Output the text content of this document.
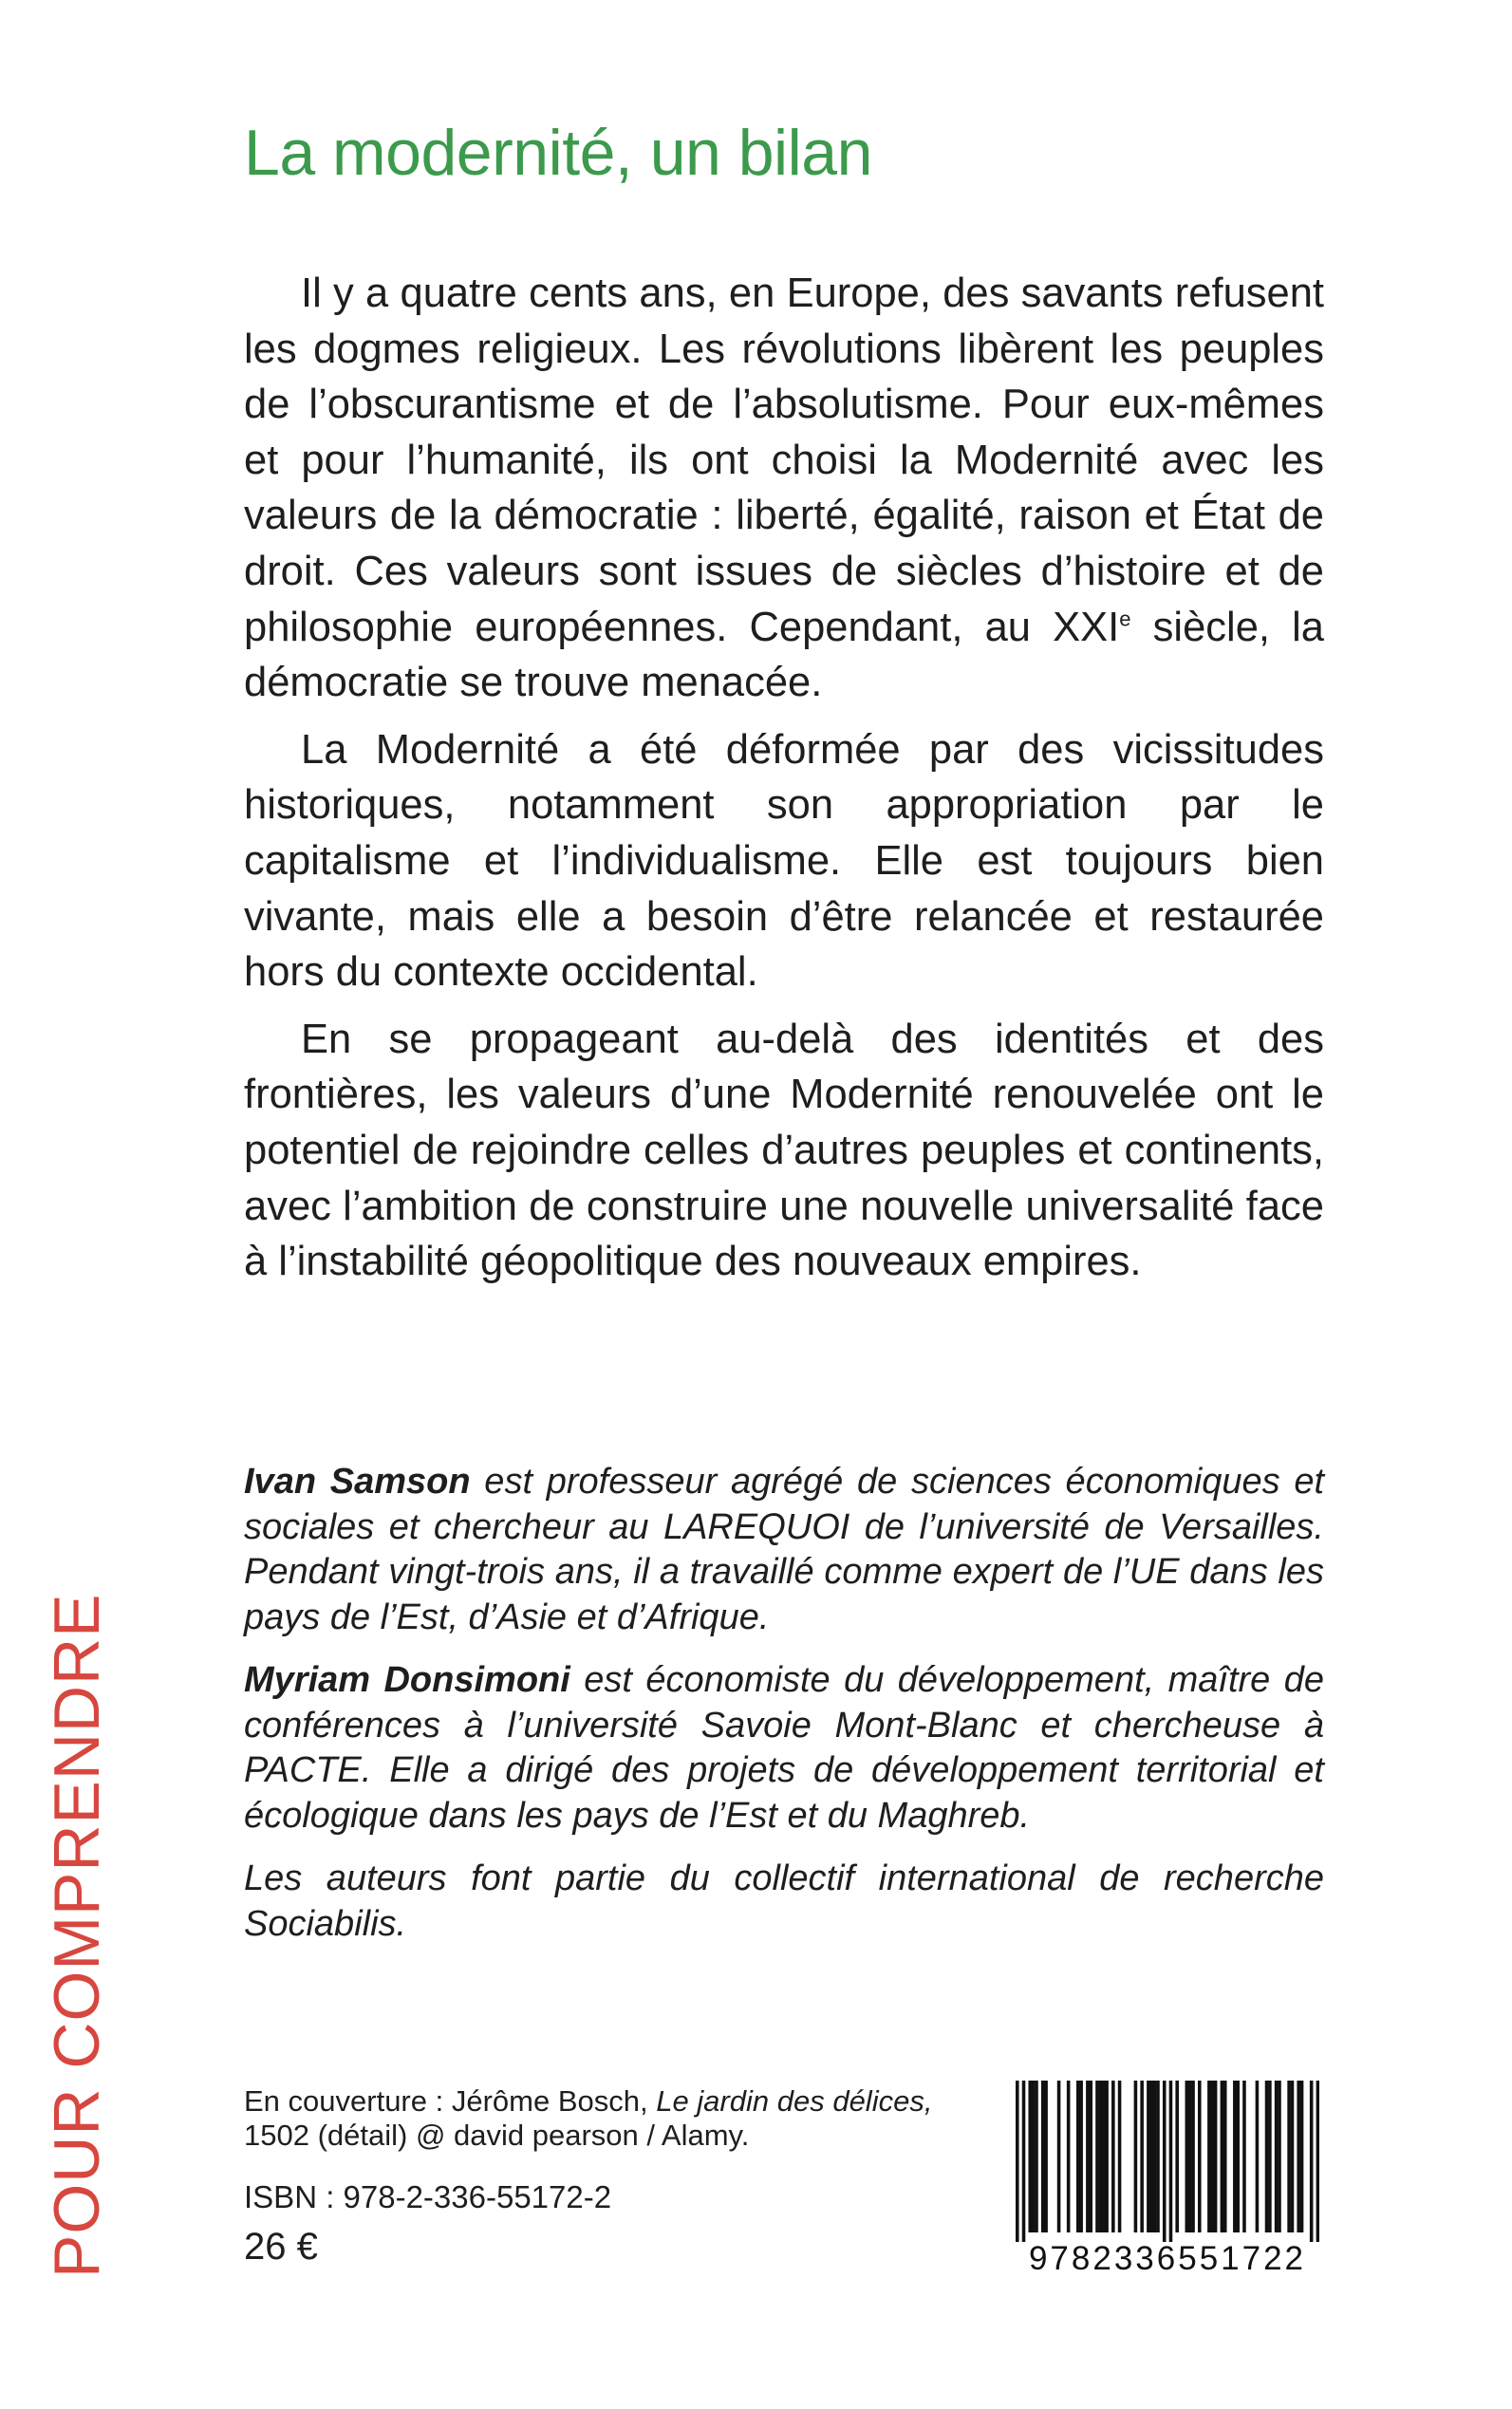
La modernité, un bilan

Il y a quatre cents ans, en Europe, des savants refusent les dogmes religieux. Les révolutions libèrent les peuples de l’obscurantisme et de l’absolutisme. Pour eux-mêmes et pour l’humanité, ils ont choisi la Modernité avec les valeurs de la démocratie : liberté, égalité, raison et État de droit. Ces valeurs sont issues de siècles d’histoire et de philosophie européennes. Cependant, au XXIe siècle, la démocratie se trouve menacée.

La Modernité a été déformée par des vicissitudes historiques, notamment son appropriation par le capitalisme et l’individualisme. Elle est toujours bien vivante, mais elle a besoin d’être relancée et restaurée hors du contexte occidental.

En se propageant au-delà des identités et des frontières, les valeurs d’une Modernité renouvelée ont le potentiel de rejoindre celles d’autres peuples et continents, avec l’ambition de construire une nouvelle universalité face à l’instabilité géopolitique des nouveaux empires.

Ivan Samson est professeur agrégé de sciences économiques et sociales et chercheur au LAREQUOI de l’université de Versailles. Pendant vingt-trois ans, il a travaillé comme expert de l’UE dans les pays de l’Est, d’Asie et d’Afrique.

Myriam Donsimoni est économiste du développement, maître de conférences à l’université Savoie Mont-Blanc et chercheuse à PACTE. Elle a dirigé des projets de développement territorial et écologique dans les pays de l’Est et du Maghreb.

Les auteurs font partie du collectif international de recherche Sociabilis.

POUR COMPRENDRE	En couverture : Jérôme Bosch, Le jardin des délices,
1502 (détail) @ david pearson / Alamy.
ISBN : 978-2-336-55172-2
26 €	9782336551722
